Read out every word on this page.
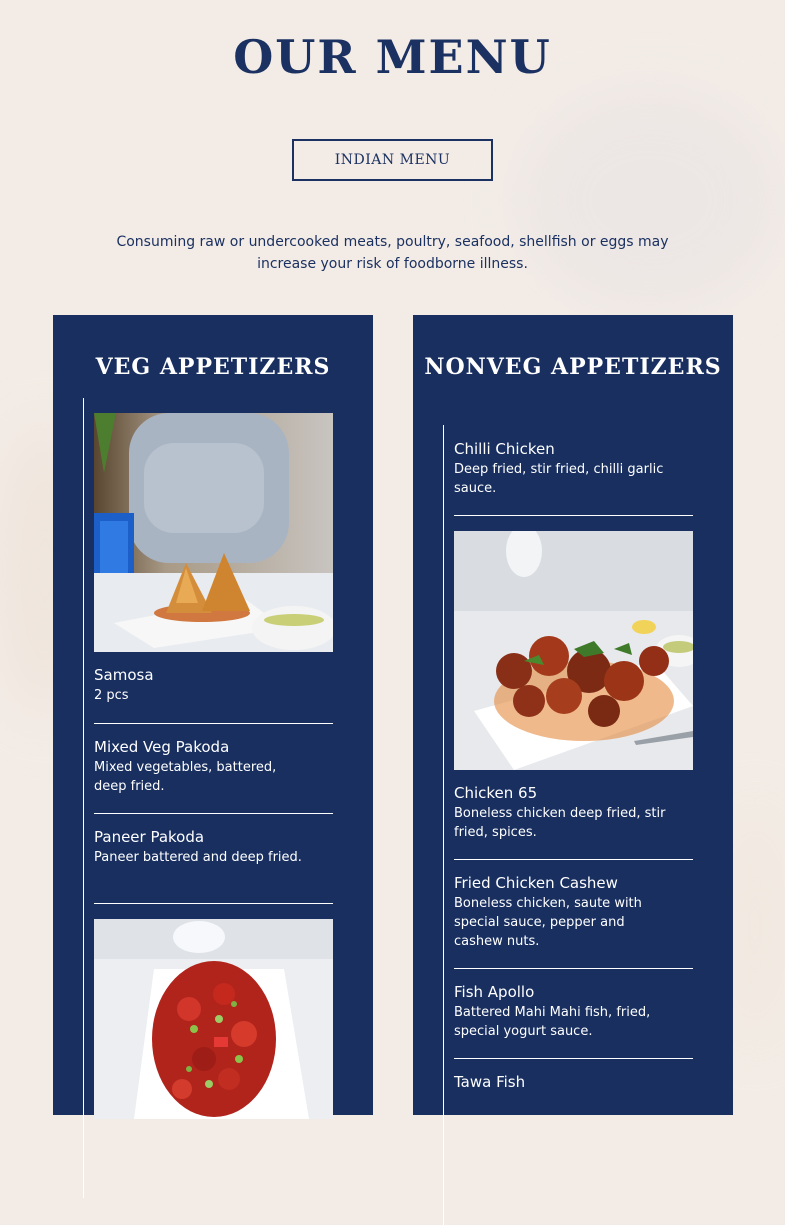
OUR MENU
INDIAN MENU
Consuming raw or undercooked meats, poultry, seafood, shellfish or eggs may increase your risk of foodborne illness.
VEG APPETIZERS

Samosa

2 pcs

Mixed Veg Pakoda

Mixed vegetables, battered, deep fried.

Paneer Pakoda

Paneer battered and deep fried.

NONVEG APPETIZERS

Chilli Chicken

Deep fried, stir fried, chilli garlic sauce.

Chicken 65

Boneless chicken deep fried, stir fried, spices.

Fried Chicken Cashew

Boneless chicken, saute with special sauce, pepper and cashew nuts.

Fish Apollo

Battered Mahi Mahi fish, fried, special yogurt sauce.

Tawa Fish
